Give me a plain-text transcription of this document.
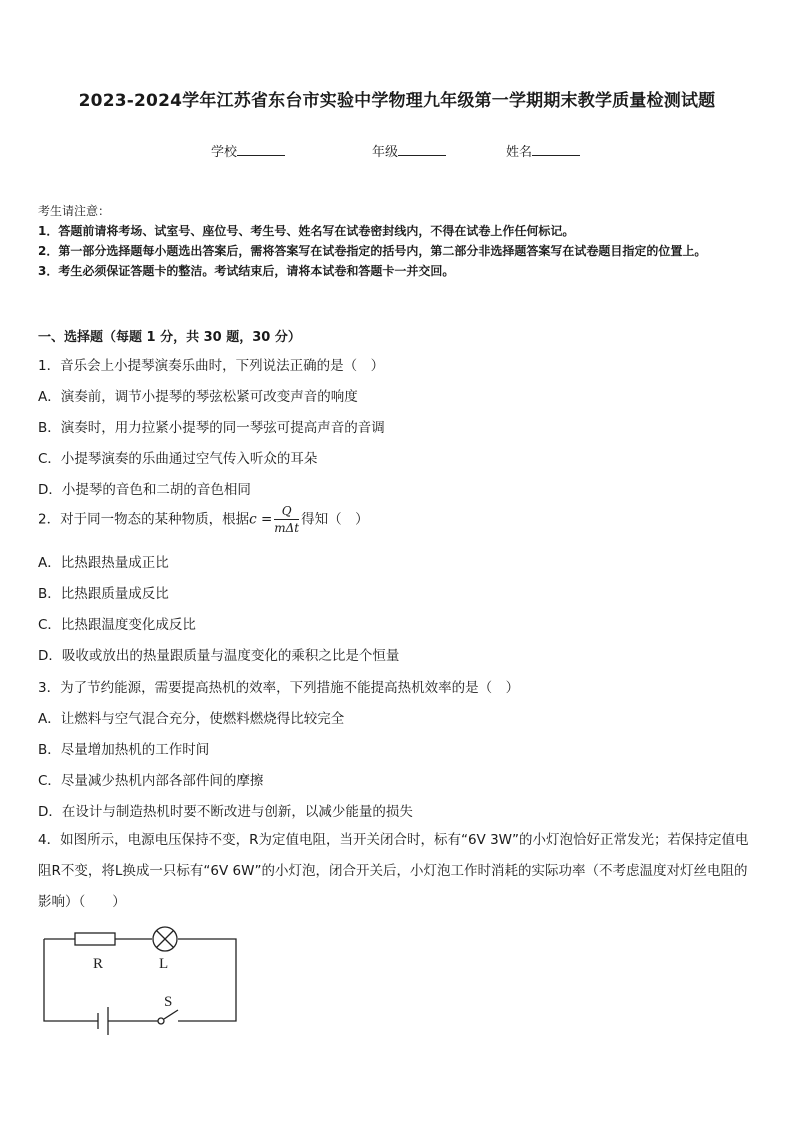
2023-2024学年江苏省东台市实验中学物理九年级第一学期期末教学质量检测试题
学校	年级	姓名

考生请注意：

1．答题前请将考场、试室号、座位号、考生号、姓名写在试卷密封线内，不得在试卷上作任何标记。

2．第一部分选择题每小题选出答案后，需将答案写在试卷指定的括号内，第二部分非选择题答案写在试卷题目指定的位置上。

3．考生必须保证答题卡的整洁。考试结束后，请将本试卷和答题卡一并交回。

一、选择题（每题 1 分，共 30 题，30 分）
1．音乐会上小提琴演奏乐曲时，下列说法正确的是（　）
A．演奏前，调节小提琴的琴弦松紧可改变声音的响度
B．演奏时，用力拉紧小提琴的同一琴弦可提高声音的音调
C．小提琴演奏的乐曲通过空气传入听众的耳朵
D．小提琴的音色和二胡的音色相同
2．对于同一物态的某种物质，根据$c = \frac{Q}{\text{mΔt}}$ 得知（　）
A．比热跟热量成正比
B．比热跟质量成反比
C．比热跟温度变化成反比
D．吸收或放出的热量跟质量与温度变化的乘积之比是个恒量
3．为了节约能源，需要提高热机的效率，下列措施不能提高热机效率的是（　）
A．让燃料与空气混合充分，使燃料燃烧得比较完全
B．尽量增加热机的工作时间
C．尽量减少热机内部各部件间的摩擦
D．在设计与制造热机时要不断改进与创新，以减少能量的损失
4．如图所示，电源电压保持不变，R为定值电阻，当开关闭合时，标有“6V 3W”的小灯泡恰好正常发光；若保持定值电阻R不变，将L换成一只标有“6V 6W”的小灯泡，闭合开关后，小灯泡工作时消耗的实际功率（不考虑温度对灯丝电阻的影响）（　　）
R	L
S
